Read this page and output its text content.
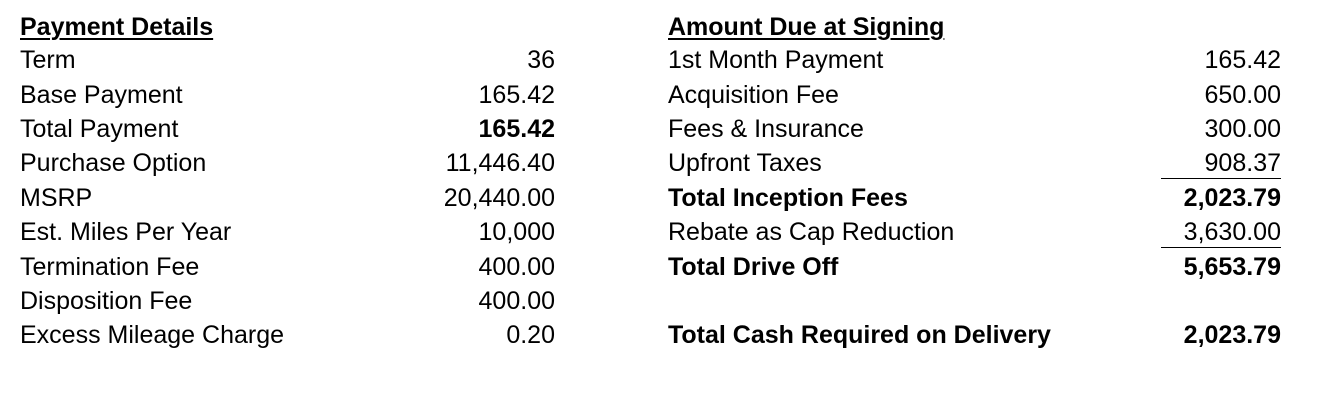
Payment Details
Term	36
Base Payment	165.42
Total Payment	165.42
Purchase Option	11,446.40
MSRP	20,440.00
Est. Miles Per Year	10,000
Termination Fee	400.00
Disposition Fee	400.00
Excess Mileage Charge	0.20
Amount Due at Signing
1st Month Payment	165.42
Acquisition Fee	650.00
Fees & Insurance	300.00
Upfront Taxes	908.37
Total Inception Fees	2,023.79
Rebate as Cap Reduction	3,630.00
Total Drive Off	5,653.79
Total Cash Required on Delivery	2,023.79
